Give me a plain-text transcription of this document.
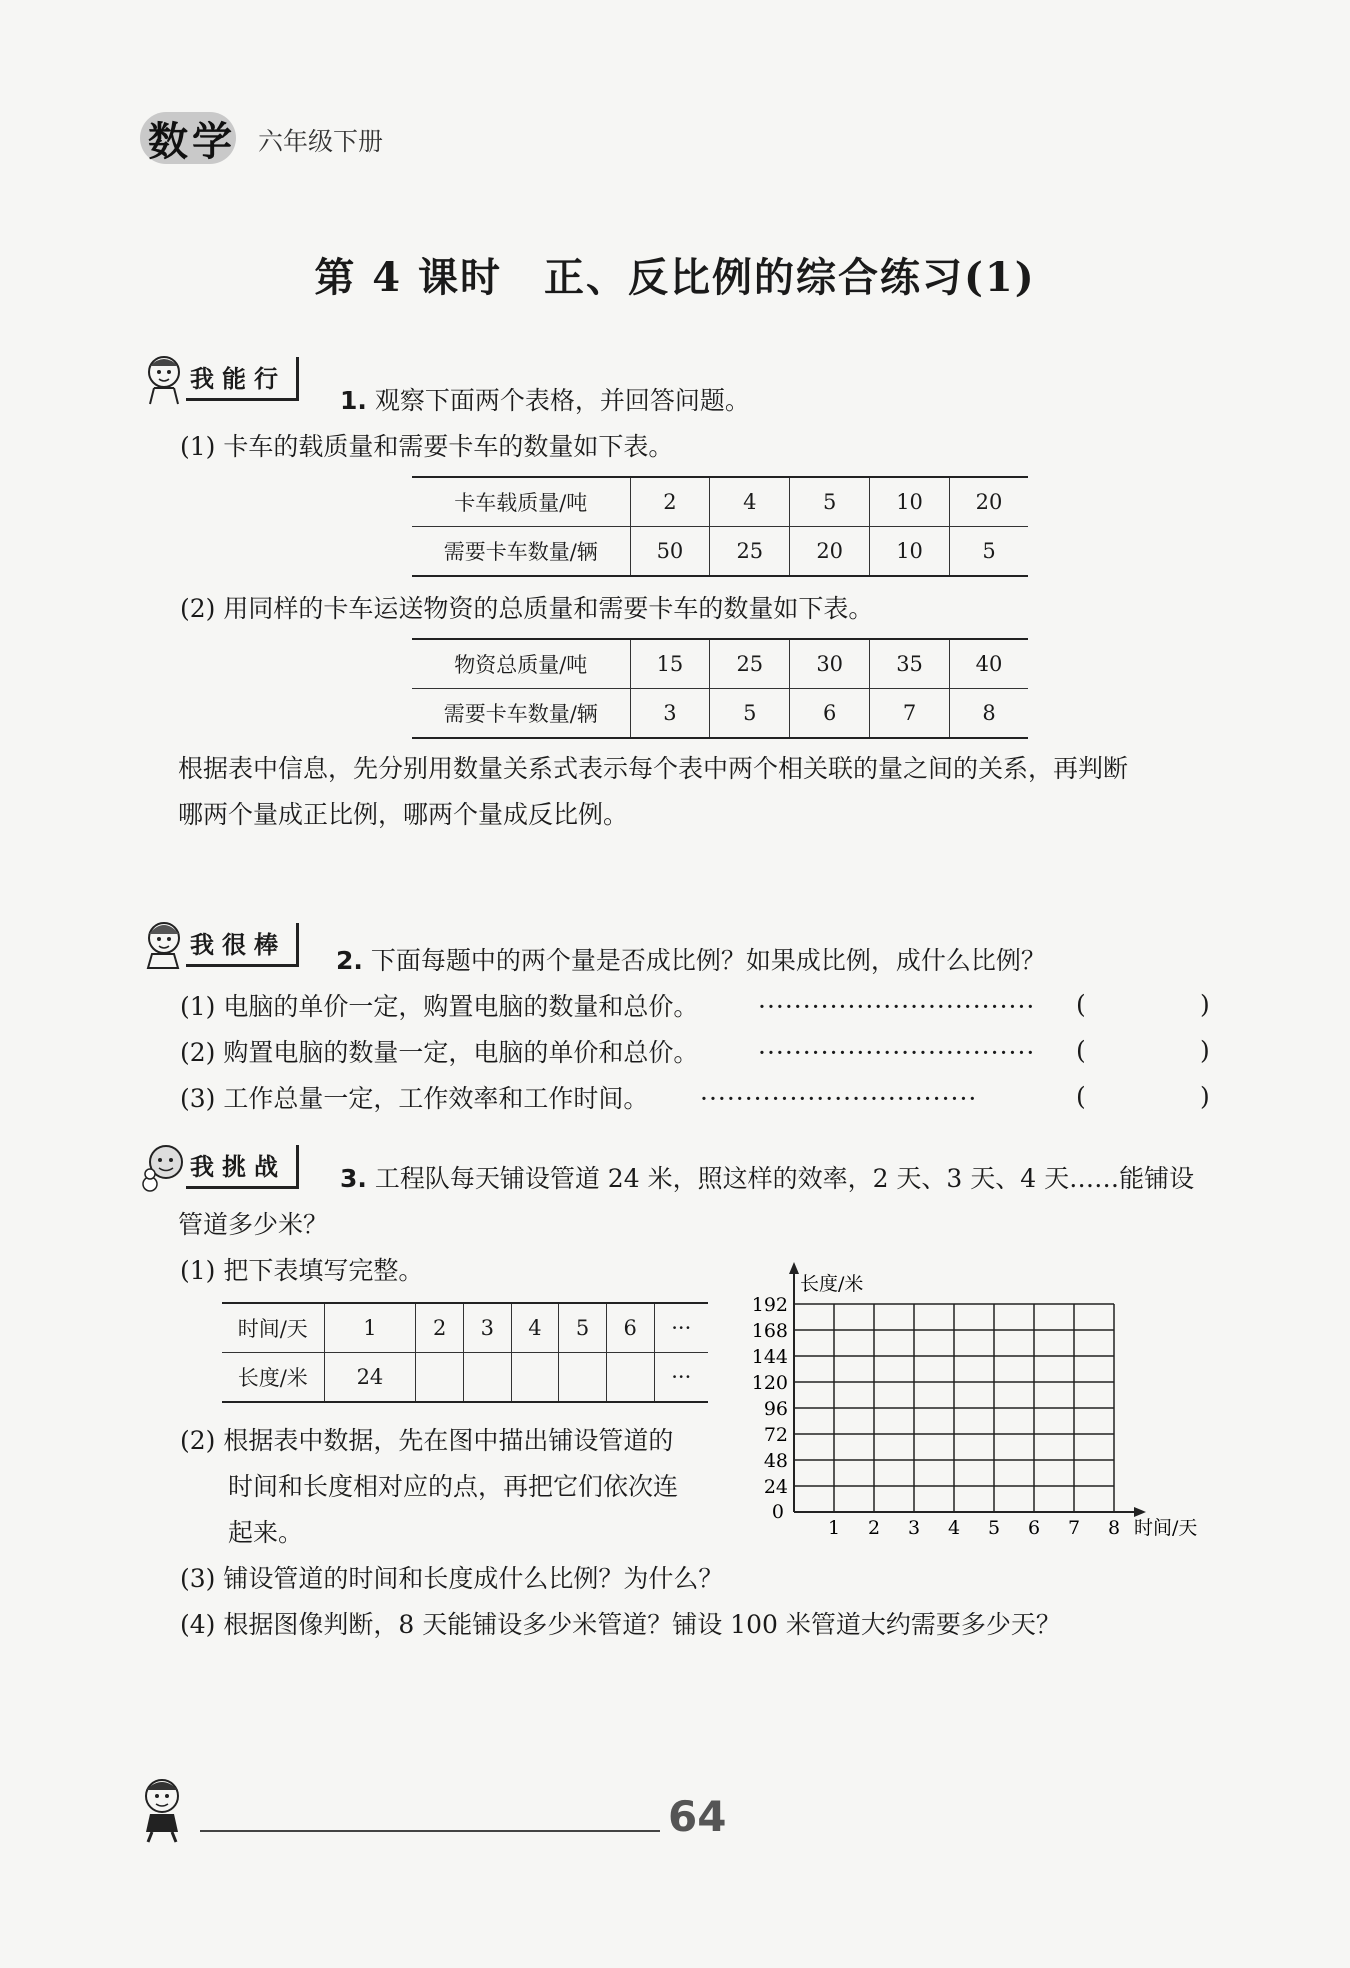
数学 六年级下册
第 4 课时　正、反比例的综合练习(1)
我能行
1. 观察下面两个表格，并回答问题。
(1) 卡车的载质量和需要卡车的数量如下表。
卡车载质量/吨	2	4	5	10	20
需要卡车数量/辆	50	25	20	10	5
(2) 用同样的卡车运送物资的总质量和需要卡车的数量如下表。
物资总质量/吨	15	25	30	35	40
需要卡车数量/辆	3	5	6	7	8
根据表中信息，先分别用数量关系式表示每个表中两个相关联的量之间的关系，再判断
哪两个量成正比例，哪两个量成反比例。
我很棒
2. 下面每题中的两个量是否成比例？如果成比例，成什么比例？
(1) 电脑的单价一定，购置电脑的数量和总价。 ······························· (	)
(2) 购置电脑的数量一定，电脑的单价和总价。 ······························· (	)
(3) 工作总量一定，工作效率和工作时间。 ·······························	(	)
我挑战	3. 工程队每天铺设管道 24 米，照这样的效率，2 天、3 天、4 天……能铺设
管道多少米？
(1) 把下表填写完整。
时间/天	1	2	3	4	5	6	···
长度/米	24						···
(2) 根据表中数据，先在图中描出铺设管道的
时间和长度相对应的点，再把它们依次连
起来。
(3) 铺设管道的时间和长度成什么比例？为什么？
(4) 根据图像判断，8 天能铺设多少米管道？铺设 100 米管道大约需要多少天？
1 2 3 4 5 6 7 8
24
48
72
96
120
144
168
192
长度/米
时间/天
0
64
